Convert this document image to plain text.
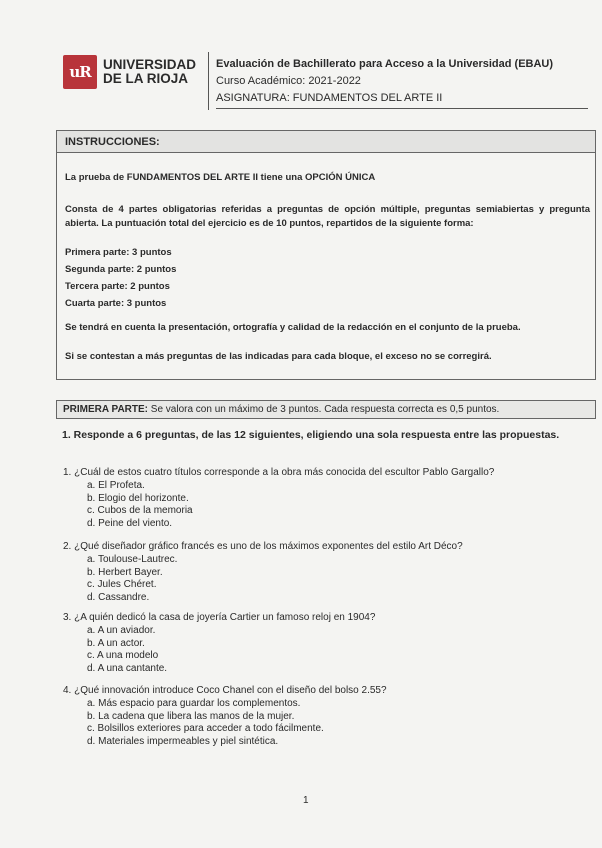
uR UNIVERSIDAD
DE LA RIOJA
Evaluación de Bachillerato para Acceso a la Universidad (EBAU)
Curso Académico: 2021-2022
ASIGNATURA: FUNDAMENTOS DEL ARTE II
INSTRUCCIONES:
La prueba de FUNDAMENTOS DEL ARTE II tiene una OPCIÓN ÚNICA
Consta de 4 partes obligatorias referidas a preguntas de opción múltiple, preguntas semiabiertas y pregunta abierta. La puntuación total del ejercicio es de 10 puntos, repartidos de la siguiente forma:
Primera parte: 3 puntos
Segunda parte: 2 puntos
Tercera parte: 2 puntos
Cuarta parte: 3 puntos
Se tendrá en cuenta la presentación, ortografía y calidad de la redacción en el conjunto de la prueba.
Si se contestan a más preguntas de las indicadas para cada bloque, el exceso no se corregirá.
PRIMERA PARTE: Se valora con un máximo de 3 puntos. Cada respuesta correcta es 0,5 puntos.
1. Responde a 6 preguntas, de las 12 siguientes, eligiendo una sola respuesta entre las propuestas.
1. ¿Cuál de estos cuatro títulos corresponde a la obra más conocida del escultor Pablo Gargallo?
a. El Profeta.
b. Elogio del horizonte.
c. Cubos de la memoria
d. Peine del viento.
2. ¿Qué diseñador gráfico francés es uno de los máximos exponentes del estilo Art Déco?
a. Toulouse-Lautrec.
b. Herbert Bayer.
c. Jules Chéret.
d. Cassandre.
3. ¿A quién dedicó la casa de joyería Cartier un famoso reloj en 1904?
a. A un aviador.
b. A un actor.
c. A una modelo
d. A una cantante.
4. ¿Qué innovación introduce Coco Chanel con el diseño del bolso 2.55?
a. Más espacio para guardar los complementos.
b. La cadena que libera las manos de la mujer.
c. Bolsillos exteriores para acceder a todo fácilmente.
d. Materiales impermeables y piel sintética.
1
